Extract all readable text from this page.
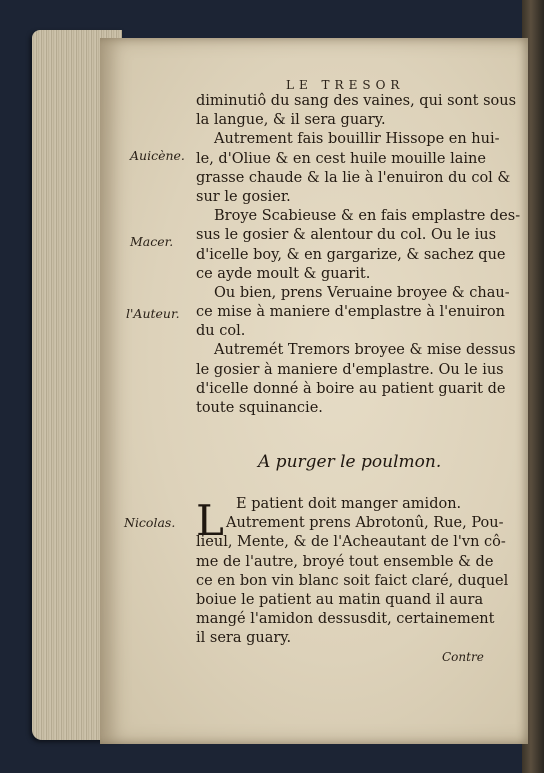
LE TRESOR
diminutiô du sang des vaines, qui sont sous
la langue, & il sera guary.
Autrement fais bouillir Hissope en hui-
le, d'Oliue & en cest huile mouille laine
grasse chaude & la lie à l'enuiron du col &
sur le gosier.
Broye Scabieuse & en fais emplastre des-
sus le gosier & alentour du col. Ou le ius
d'icelle boy, & en gargarize, & sachez que
ce ayde moult & guarit.
Ou bien, prens Veruaine broyee & chau-
ce mise à maniere d'emplastre à l'enuiron
du col.
Autremét Tremors broyee & mise dessus
le gosier à maniere d'emplastre. Ou le ius
d'icelle donné à boire au patient guarit de
toute squinancie.
Auicène.
Macer.
l'Auteur.
A purger le poulmon.
L
Nicolas.
E patient doit manger amidon.
Autrement prens Abrotonû, Rue, Pou-
lieul, Mente, & de l'Acheautant de l'vn cô-
me de l'autre, broyé tout ensemble & de
ce en bon vin blanc soit faict claré, duquel
boiue le patient au matin quand il aura
mangé l'amidon dessusdit, certainement
il sera guary.
Contre
